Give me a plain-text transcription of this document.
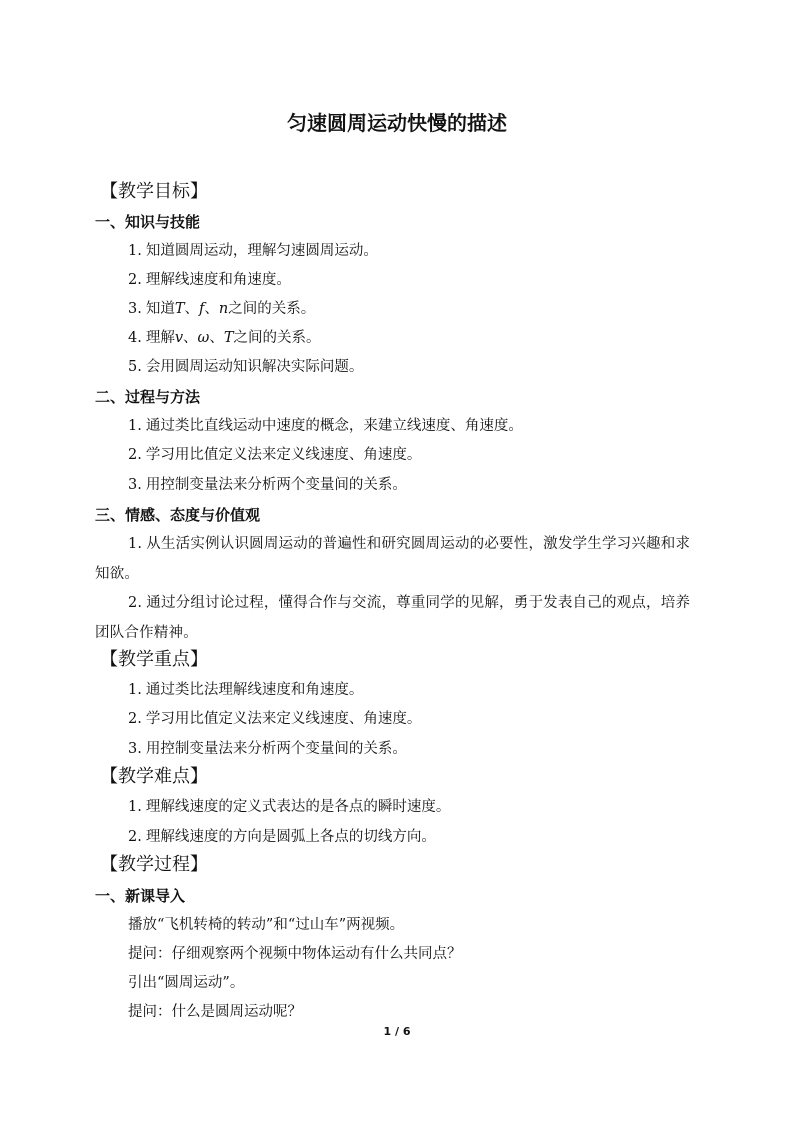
匀速圆周运动快慢的描述
【教学目标】
一、知识与技能
1. 知道圆周运动，理解匀速圆周运动。
2. 理解线速度和角速度。
3. 知道T、f、n之间的关系。
4. 理解v、ω、T之间的关系。
5. 会用圆周运动知识解决实际问题。
二、过程与方法
1. 通过类比直线运动中速度的概念，来建立线速度、角速度。
2. 学习用比值定义法来定义线速度、角速度。
3. 用控制变量法来分析两个变量间的关系。
三、情感、态度与价值观
1. 从生活实例认识圆周运动的普遍性和研究圆周运动的必要性，激发学生学习兴趣和求知欲。
2. 通过分组讨论过程，懂得合作与交流，尊重同学的见解，勇于发表自己的观点，培养团队合作精神。
【教学重点】
1. 通过类比法理解线速度和角速度。
2. 学习用比值定义法来定义线速度、角速度。
3. 用控制变量法来分析两个变量间的关系。
【教学难点】
1. 理解线速度的定义式表达的是各点的瞬时速度。
2. 理解线速度的方向是圆弧上各点的切线方向。
【教学过程】
一、新课导入
播放“飞机转椅的转动”和“过山车”两视频。
提问：仔细观察两个视频中物体运动有什么共同点？
引出“圆周运动”。
提问：什么是圆周运动呢？
1 / 6
